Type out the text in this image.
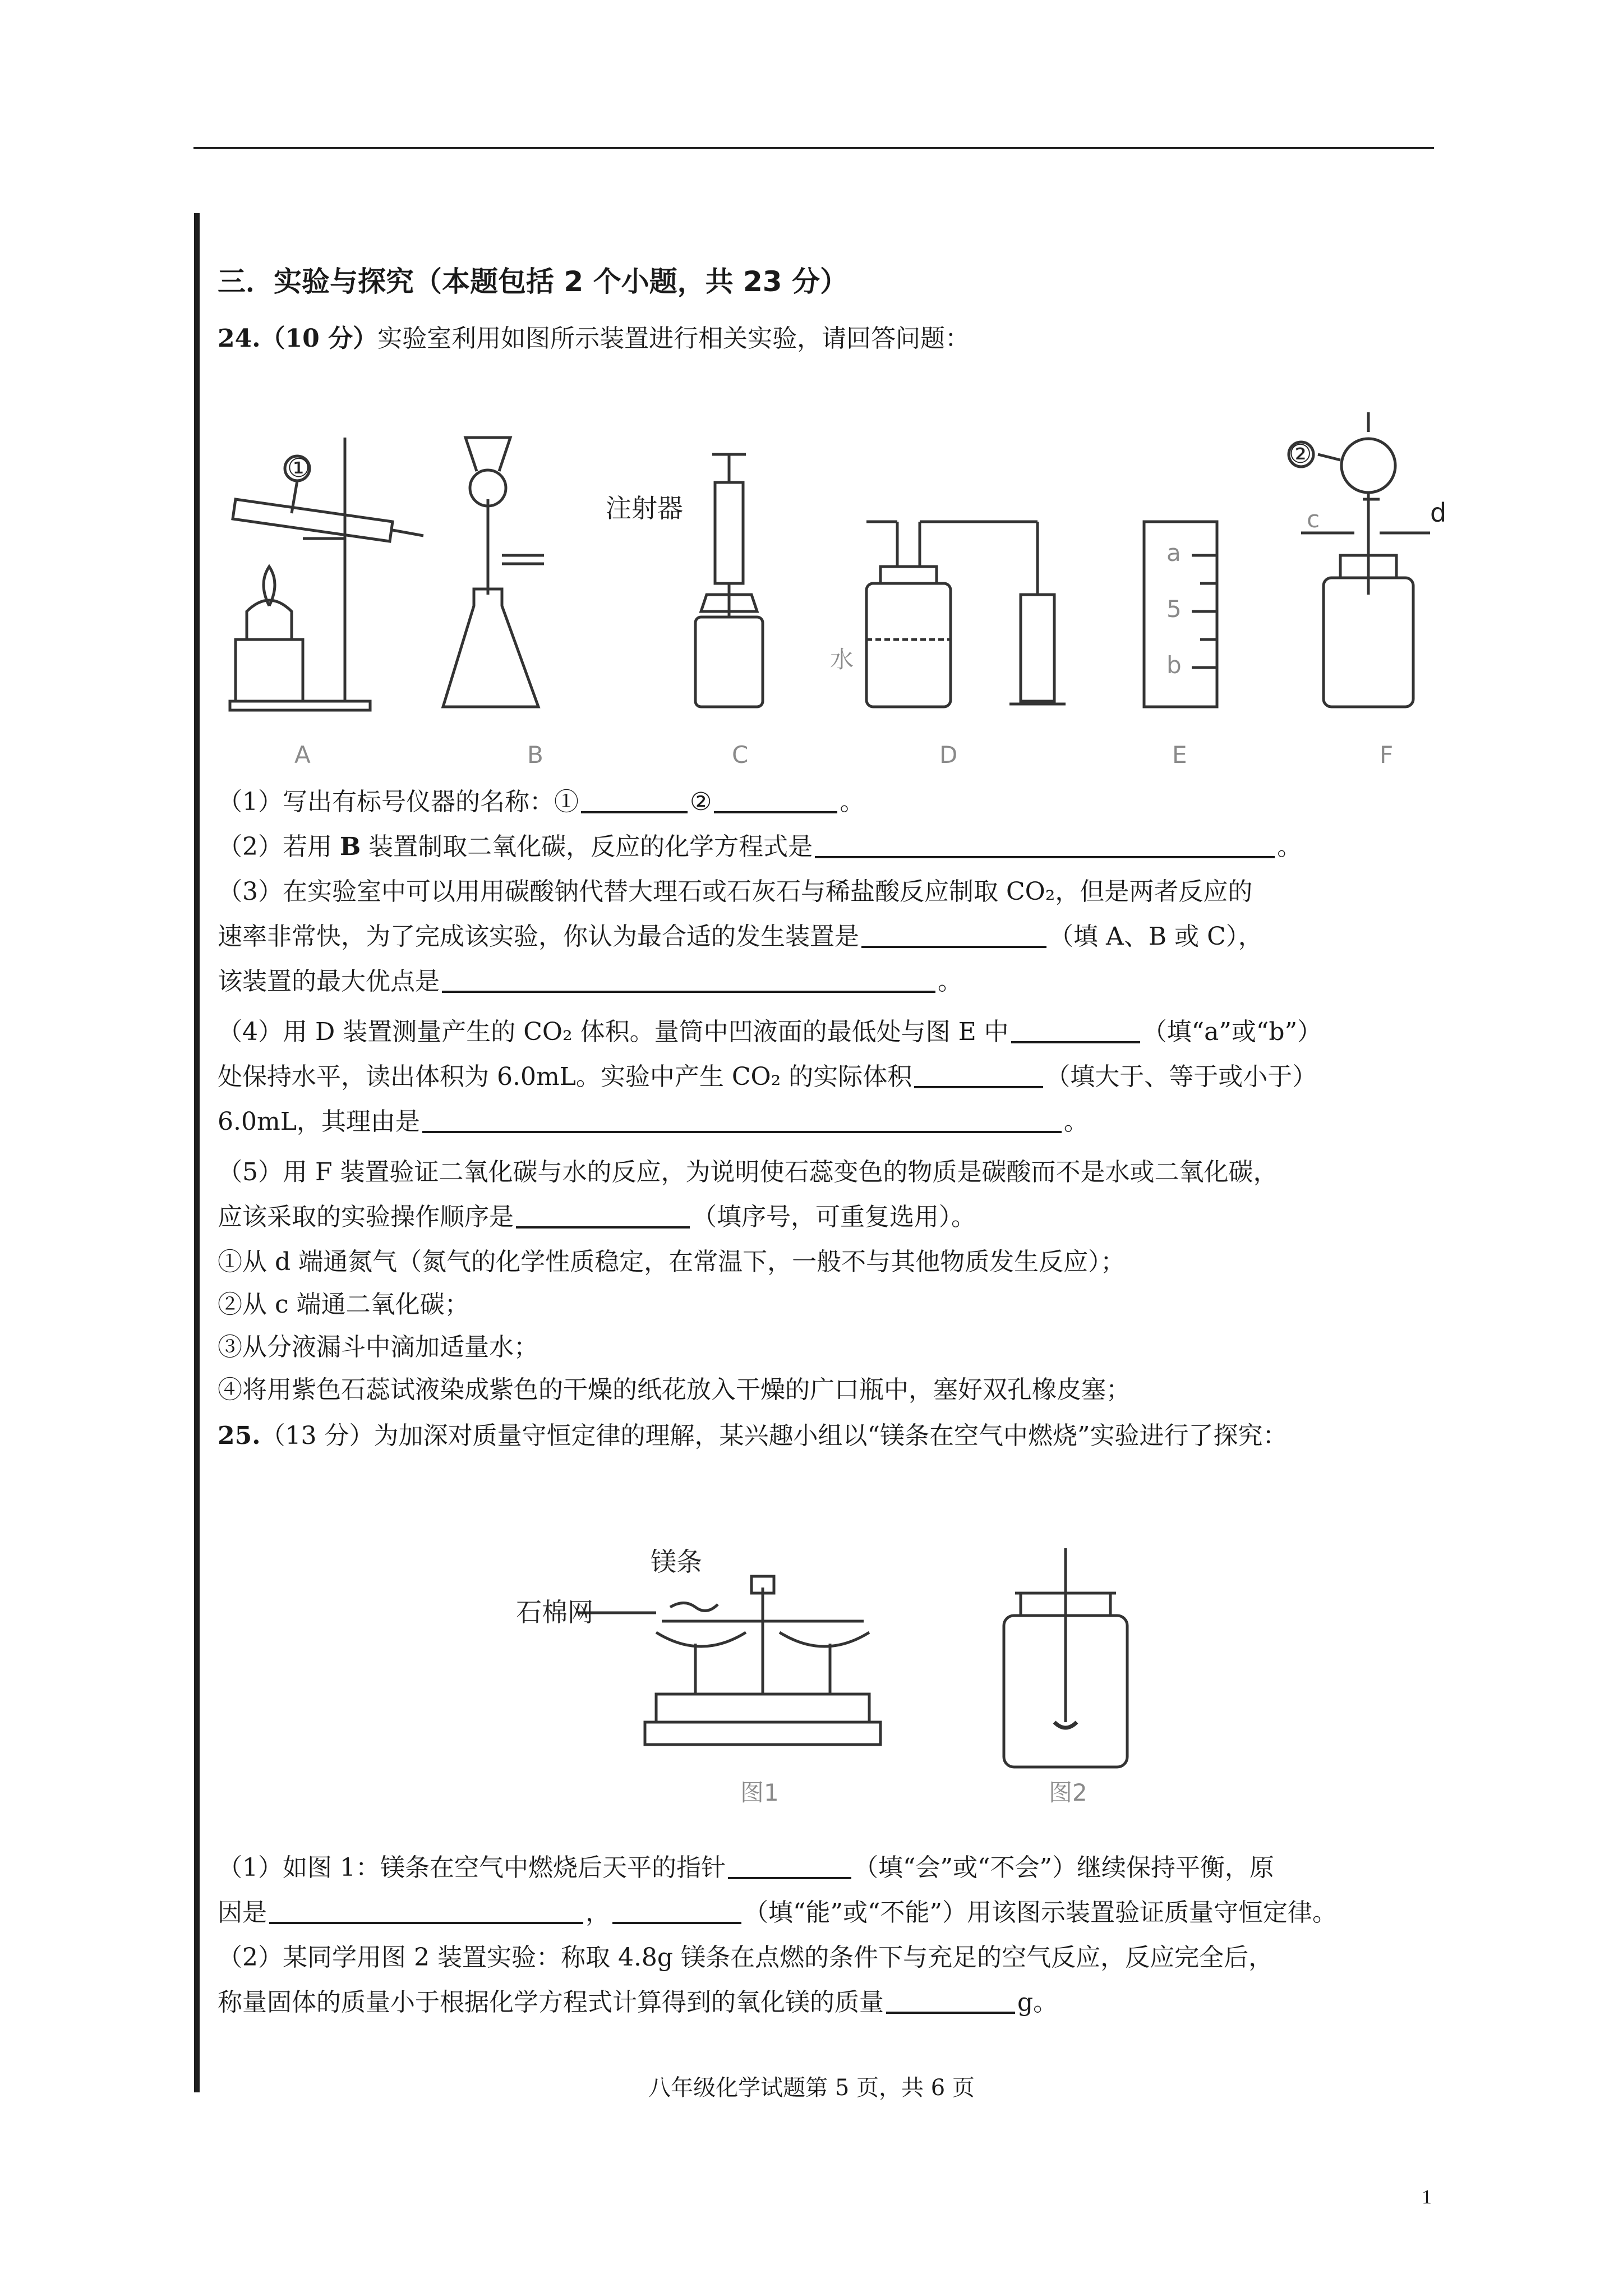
三．实验与探究（本题包括 2 个小题，共 23 分）
24.（10 分）实验室利用如图所示装置进行相关实验，请回答问题：
①	②
注射器
水
a
5
b
c	d
A	B	C	D	E	F
（1）写出有标号仪器的名称：①	②	。
（2）若用 B 装置制取二氧化碳，反应的化学方程式是	。
（3）在实验室中可以用用碳酸钠代替大理石或石灰石与稀盐酸反应制取 CO₂，但是两者反应的
速率非常快，为了完成该实验，你认为最合适的发生装置是	（填 A、B 或 C），
该装置的最大优点是	。
（4）用 D 装置测量产生的 CO₂ 体积。量筒中凹液面的最低处与图 E 中	（填“a”或“b”）
处保持水平，读出体积为 6.0mL。实验中产生 CO₂ 的实际体积	（填大于、等于或小于）
6.0mL，其理由是	。
（5）用 F 装置验证二氧化碳与水的反应，为说明使石蕊变色的物质是碳酸而不是水或二氧化碳，
应该采取的实验操作顺序是	（填序号，可重复选用）。
①从 d 端通氮气（氮气的化学性质稳定，在常温下，一般不与其他物质发生反应）；
②从 c 端通二氧化碳；
③从分液漏斗中滴加适量水；
④将用紫色石蕊试液染成紫色的干燥的纸花放入干燥的广口瓶中，塞好双孔橡皮塞；
25.（13 分）为加深对质量守恒定律的理解，某兴趣小组以“镁条在空气中燃烧”实验进行了探究：
镁条
石棉网
图1	图2
（1）如图 1：镁条在空气中燃烧后天平的指针	（填“会”或“不会”）继续保持平衡，原
因是	，	（填“能”或“不能”）用该图示装置验证质量守恒定律。
（2）某同学用图 2 装置实验：称取 4.8g 镁条在点燃的条件下与充足的空气反应，反应完全后，
称量固体的质量小于根据化学方程式计算得到的氧化镁的质量	g。
八年级化学试题第 5 页，共 6 页
1
